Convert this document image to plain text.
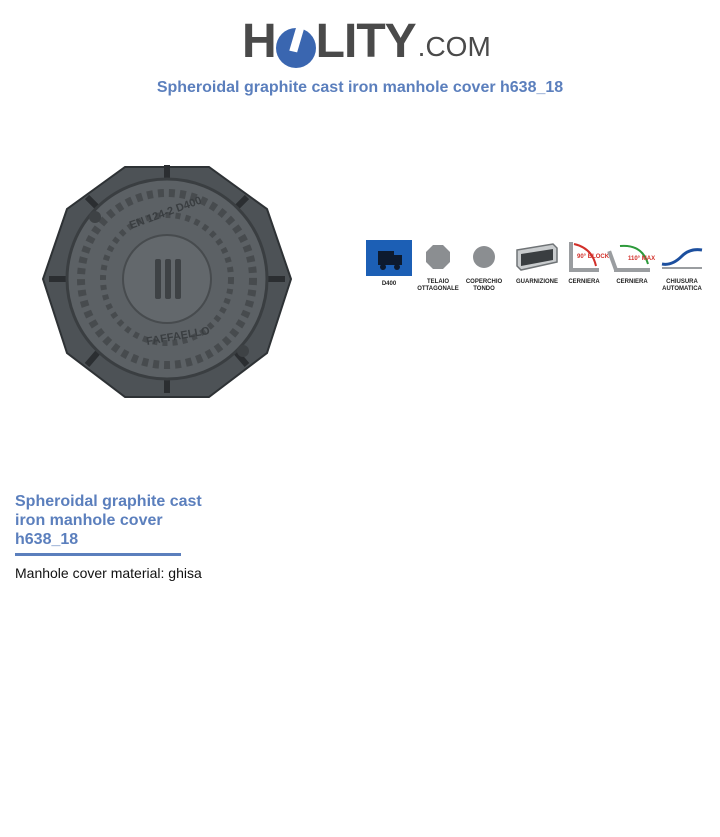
H LITY .COM
Spheroidal graphite cast iron manhole cover h638_18
EN 124-2 D400
FAFFAELLO
D400	TELAIO OTTAGONALE
COPERCHIO TONDO
GUARNIZIONE
90° BLOCK
CERNIERA
110° MAX
CERNIERA	CHIUSURA AUTOMATICA
Spheroidal graphite cast iron manhole cover h638_18
Manhole cover material: ghisa
